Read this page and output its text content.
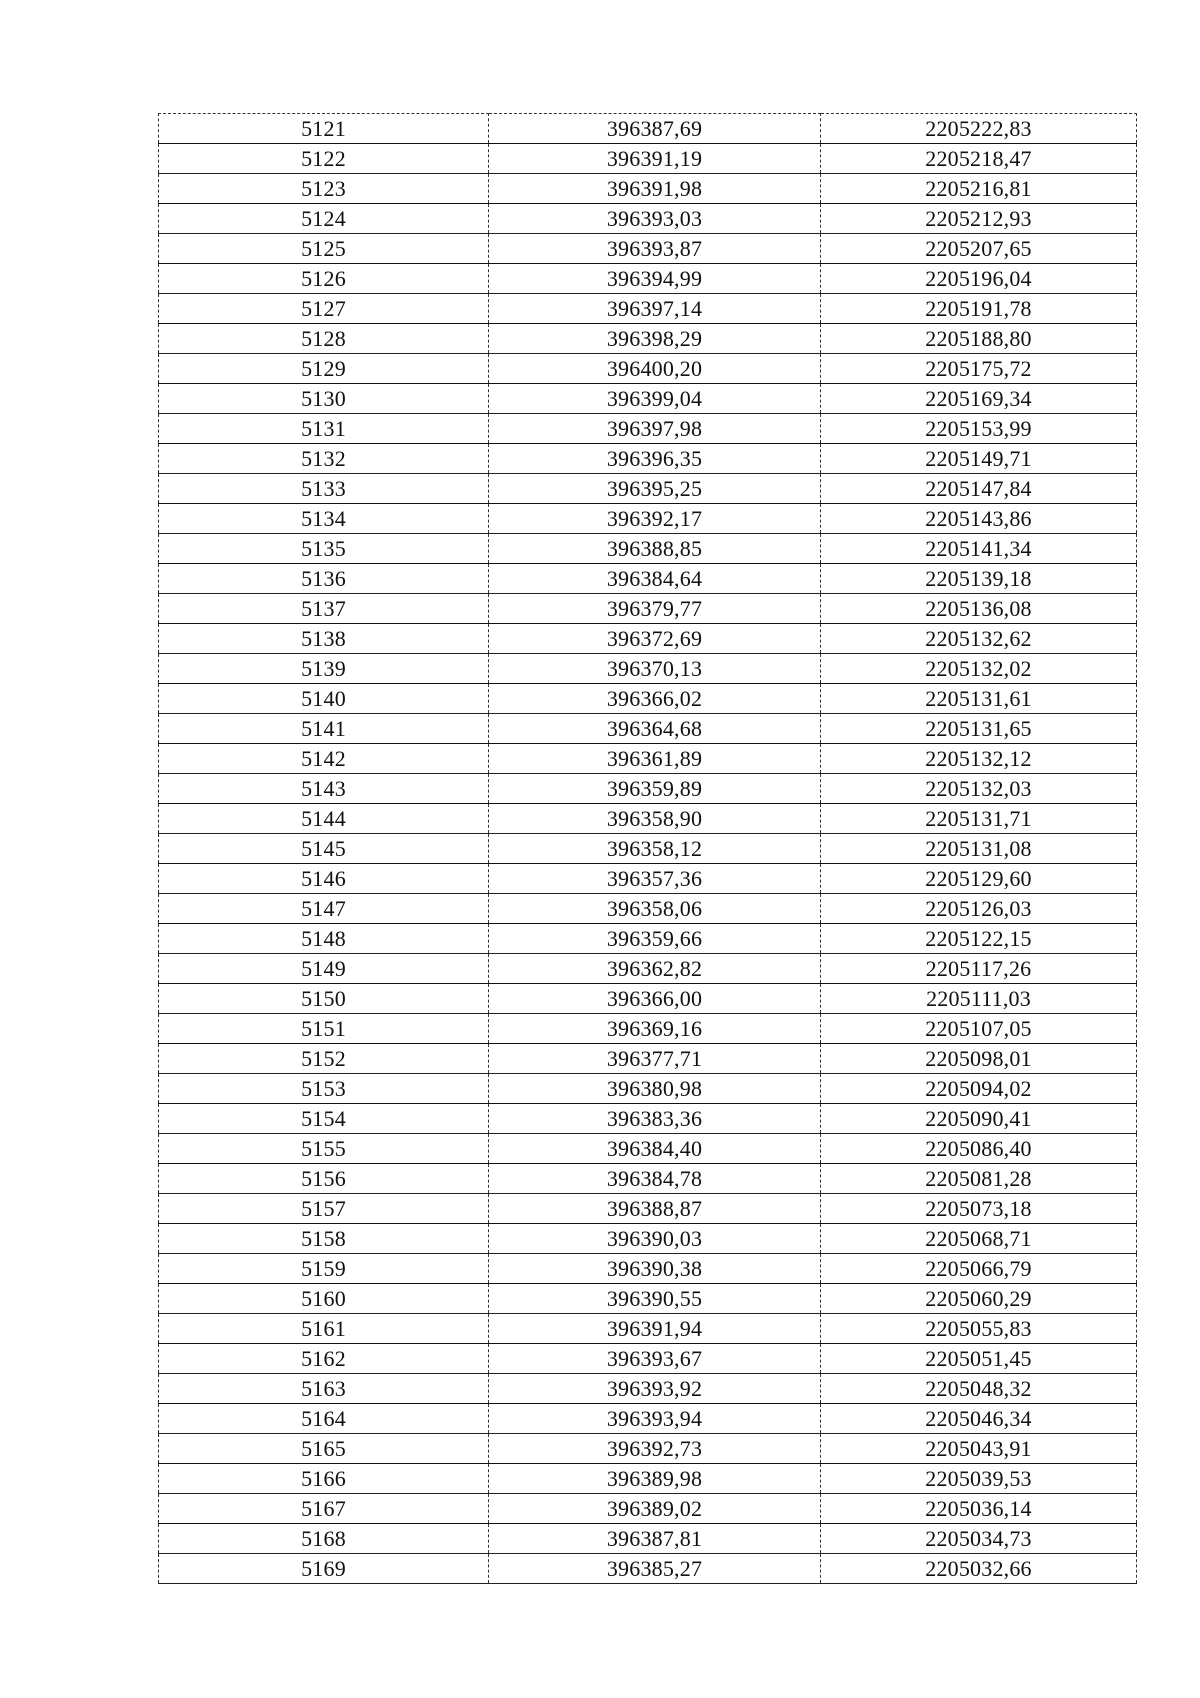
5121	396387,69	2205222,83
5122	396391,19	2205218,47
5123	396391,98	2205216,81
5124	396393,03	2205212,93
5125	396393,87	2205207,65
5126	396394,99	2205196,04
5127	396397,14	2205191,78
5128	396398,29	2205188,80
5129	396400,20	2205175,72
5130	396399,04	2205169,34
5131	396397,98	2205153,99
5132	396396,35	2205149,71
5133	396395,25	2205147,84
5134	396392,17	2205143,86
5135	396388,85	2205141,34
5136	396384,64	2205139,18
5137	396379,77	2205136,08
5138	396372,69	2205132,62
5139	396370,13	2205132,02
5140	396366,02	2205131,61
5141	396364,68	2205131,65
5142	396361,89	2205132,12
5143	396359,89	2205132,03
5144	396358,90	2205131,71
5145	396358,12	2205131,08
5146	396357,36	2205129,60
5147	396358,06	2205126,03
5148	396359,66	2205122,15
5149	396362,82	2205117,26
5150	396366,00	2205111,03
5151	396369,16	2205107,05
5152	396377,71	2205098,01
5153	396380,98	2205094,02
5154	396383,36	2205090,41
5155	396384,40	2205086,40
5156	396384,78	2205081,28
5157	396388,87	2205073,18
5158	396390,03	2205068,71
5159	396390,38	2205066,79
5160	396390,55	2205060,29
5161	396391,94	2205055,83
5162	396393,67	2205051,45
5163	396393,92	2205048,32
5164	396393,94	2205046,34
5165	396392,73	2205043,91
5166	396389,98	2205039,53
5167	396389,02	2205036,14
5168	396387,81	2205034,73
5169	396385,27	2205032,66
